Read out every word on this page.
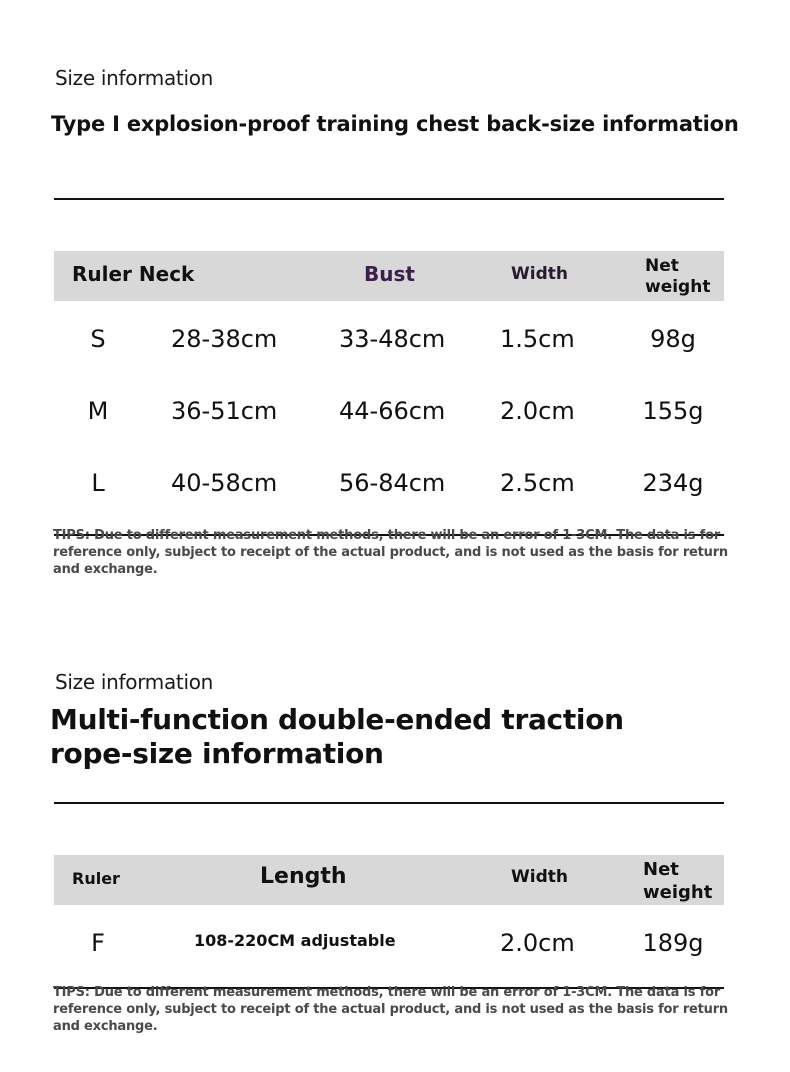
Size information
Type I explosion-proof training chest back-size information
Ruler Neck	Bust	Width	Net
weight
S	28-38cm	33-48cm 1.5cm	98g
M	36-51cm	44-66cm 2.0cm	155g
L	40-58cm	56-84cm 2.5cm	234g
TIPS: Due to different measurement methods, there will be an error of 1-3CM. The data is for reference only, subject to receipt of the actual product, and is not used as the basis for return and exchange.
Size information
Multi-function double-ended traction
rope-size information
Ruler	Length	Width	Net
weight
F	108-220CM adjustable	2.0cm	189g
TIPS: Due to different measurement methods, there will be an error of 1-3CM. The data is for reference only, subject to receipt of the actual product, and is not used as the basis for return and exchange.
